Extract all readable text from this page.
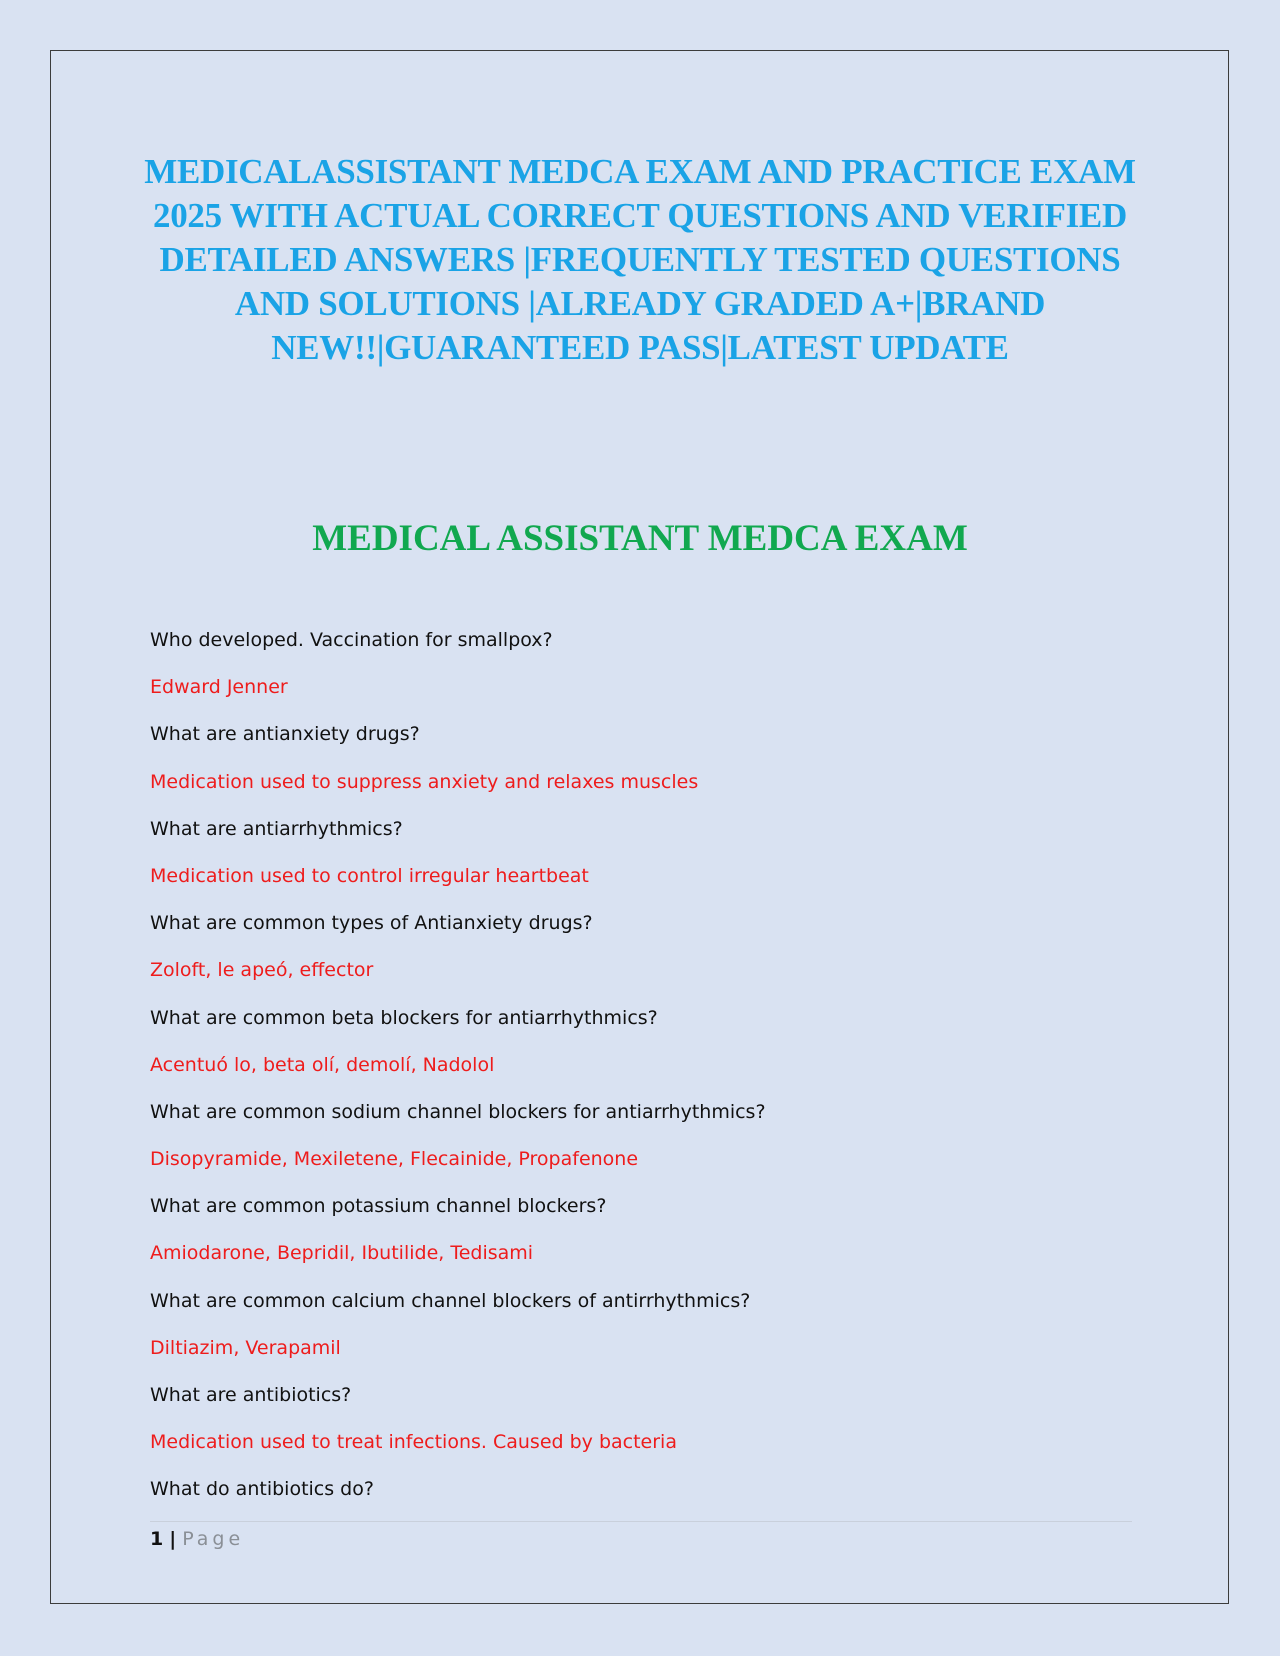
MEDICALASSISTANT MEDCA EXAM AND PRACTICE EXAM 2025 WITH ACTUAL CORRECT QUESTIONS AND VERIFIED DETAILED ANSWERS |FREQUENTLY TESTED QUESTIONS AND SOLUTIONS |ALREADY GRADED A+|BRAND NEW!!|GUARANTEED PASS|LATEST UPDATE
MEDICAL ASSISTANT MEDCA EXAM
Who developed. Vaccination for smallpox?
Edward Jenner
What are antianxiety drugs?
Medication used to suppress anxiety and relaxes muscles
What are antiarrhythmics?
Medication used to control irregular heartbeat
What are common types of Antianxiety drugs?
Zoloft, le apeó, effector
What are common beta blockers for antiarrhythmics?
Acentuó lo, beta olí, demolí, Nadolol
What are common sodium channel blockers for antiarrhythmics?
Disopyramide, Mexiletene, Flecainide, Propafenone
What are common potassium channel blockers?
Amiodarone, Bepridil, Ibutilide, Tedisami
What are common calcium channel blockers of antirrhythmics?
Diltiazim, Verapamil
What are antibiotics?
Medication used to treat infections. Caused by bacteria
What do antibiotics do?
1 | Page
